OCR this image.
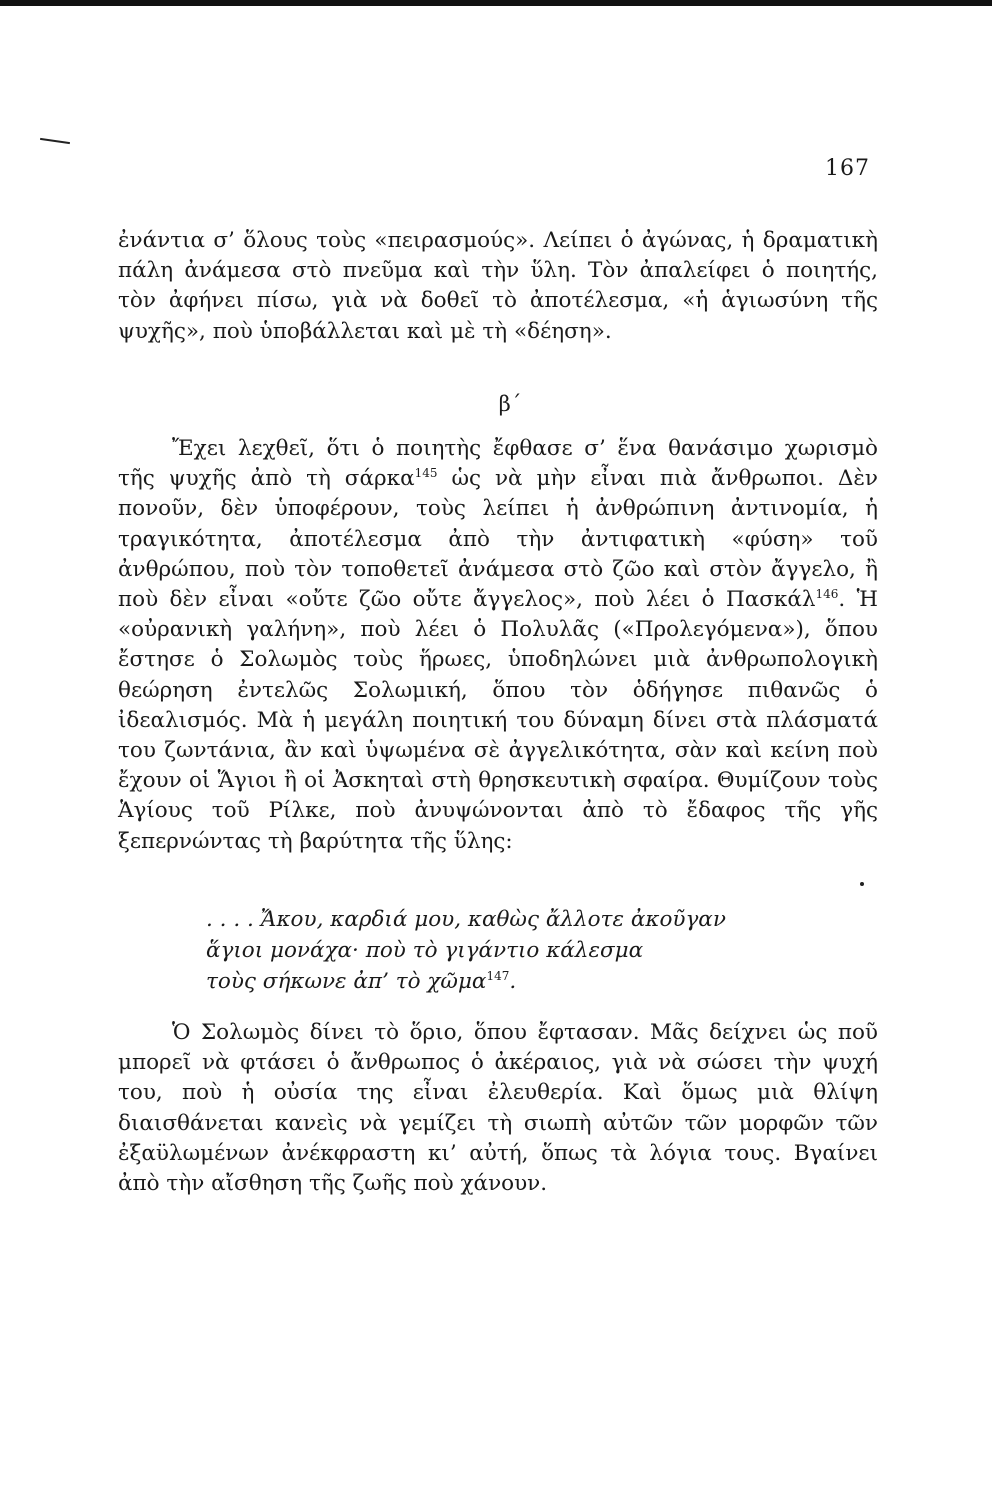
167

ἐνάντια σ’ ὅλους τοὺς «πειρασμούς». Λείπει ὁ ἀγώνας, ἡ δραματικὴ πάλη ἀνάμεσα στὸ πνεῦμα καὶ τὴν ὕλη. Τὸν ἀπαλείφει ὁ ποιητής, τὸν ἀφήνει πίσω, γιὰ νὰ δοθεῖ τὸ ἀποτέλεσμα, «ἡ ἁγιωσύνη τῆς ψυχῆς», ποὺ ὑποβάλλεται καὶ μὲ τὴ «δέηση».

β΄

Ἔχει λεχθεῖ, ὅτι ὁ ποιητὴς ἔφθασε σ’ ἕνα θανάσιμο χωρισμὸ τῆς ψυχῆς ἀπὸ τὴ σάρκα$^{145}$ ὡς νὰ μὴν εἶναι πιὰ ἄνθρωποι. Δὲν πονοῦν, δὲν ὑποφέρουν, τοὺς λείπει ἡ ἀνθρώπινη ἀντινομία, ἡ τραγικότητα, ἀποτέλεσμα ἀπὸ τὴν ἀντιφατικὴ «φύση» τοῦ ἀνθρώπου, ποὺ τὸν τοποθετεῖ ἀνάμεσα στὸ ζῶο καὶ στὸν ἄγγελο, ἢ ποὺ δὲν εἶναι «οὔτε ζῶο οὔτε ἄγγελος», ποὺ λέει ὁ Πασκάλ$^{146}$. Ἡ «οὐρανικὴ γαλήνη», ποὺ λέει ὁ Πολυλᾶς («Προλεγόμενα»), ὅπου ἔστησε ὁ Σολωμὸς τοὺς ἥρωες, ὑποδηλώνει μιὰ ἀνθρωπολογικὴ θεώρηση ἐντελῶς Σολωμική, ὅπου τὸν ὁδήγησε πιθανῶς ὁ ἰδεαλισμός. Μὰ ἡ μεγάλη ποιητική του δύναμη δίνει στὰ πλάσματά του ζωντάνια, ἂν καὶ ὑψωμένα σὲ ἀγγελικότητα, σὰν καὶ κείνη ποὺ ἔχουν οἱ Ἅγιοι ἢ οἱ Ἀσκηταὶ στὴ θρησκευτικὴ σφαίρα. Θυμίζουν τοὺς Ἁγίους τοῦ Ρίλκε, ποὺ ἀνυψώνονται ἀπὸ τὸ ἔδαφος τῆς γῆς ξεπερνώντας τὴ βαρύτητα τῆς ὕλης:

. . . . Ἄκου, καρδιά μου, καθὼς ἄλλοτε ἀκοῦγαν
ἅγιοι μονάχα· ποὺ τὸ γιγάντιο κάλεσμα
τοὺς σήκωνε ἀπ’ τὸ χῶμα$^{147}$.

Ὁ Σολωμὸς δίνει τὸ ὅριο, ὅπου ἔφτασαν. Μᾶς δείχνει ὡς ποῦ μπορεῖ νὰ φτάσει ὁ ἄνθρωπος ὁ ἀκέραιος, γιὰ νὰ σώσει τὴν ψυχή του, ποὺ ἡ οὐσία της εἶναι ἐλευθερία. Καὶ ὅμως μιὰ θλίψη διαισθάνεται κανεὶς νὰ γεμίζει τὴ σιωπὴ αὐτῶν τῶν μορφῶν τῶν ἐξαϋλωμένων ἀνέκφραστη κι’ αὐτή, ὅπως τὰ λόγια τους. Βγαίνει ἀπὸ τὴν αἴσθηση τῆς ζωῆς ποὺ χάνουν.
